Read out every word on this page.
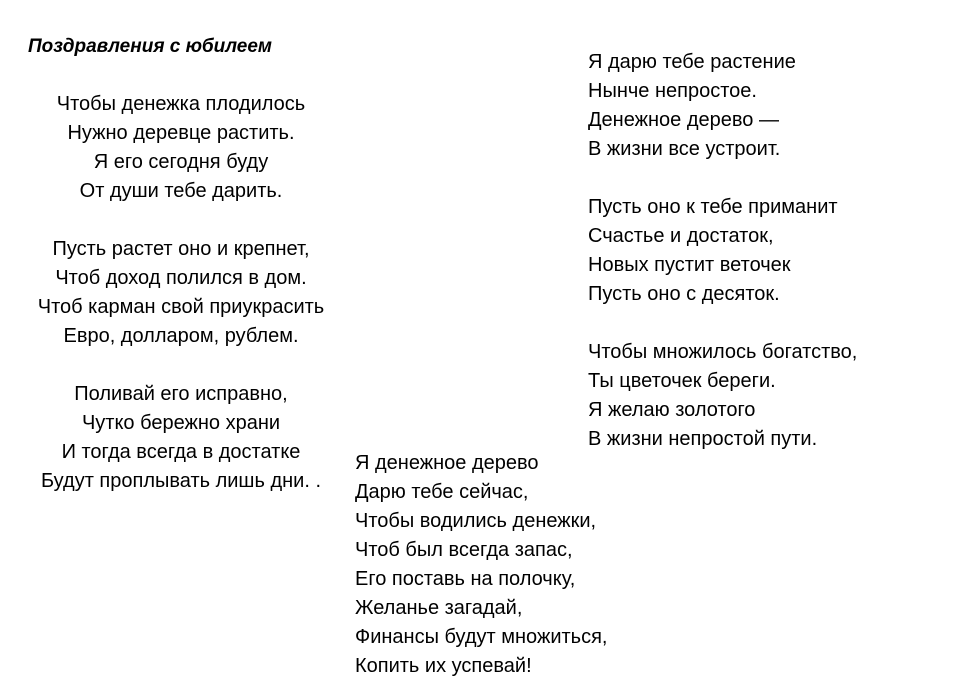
Поздравления с юбилеем
Чтобы денежка плодилось
Нужно деревце растить.
Я его сегодня буду
От души тебе дарить.
Пусть растет оно и крепнет,
Чтоб доход полился в дом.
Чтоб карман свой приукрасить
Евро, долларом, рублем.
Поливай его исправно,
Чутко бережно храни
И тогда всегда в достатке
Будут проплывать лишь дни. .
Я дарю тебе растение
Нынче непростое.
Денежное дерево —
В жизни все устроит.
Пусть оно к тебе приманит
Счастье и достаток,
Новых пустит веточек
Пусть оно с десяток.
Чтобы множилось богатство,
Ты цветочек береги.
Я желаю золотого
В жизни непростой пути.
Я денежное дерево
Дарю тебе сейчас,
Чтобы водились денежки,
Чтоб был всегда запас,
Его поставь на полочку,
Желанье загадай,
Финансы будут множиться,
Копить их успевай!
